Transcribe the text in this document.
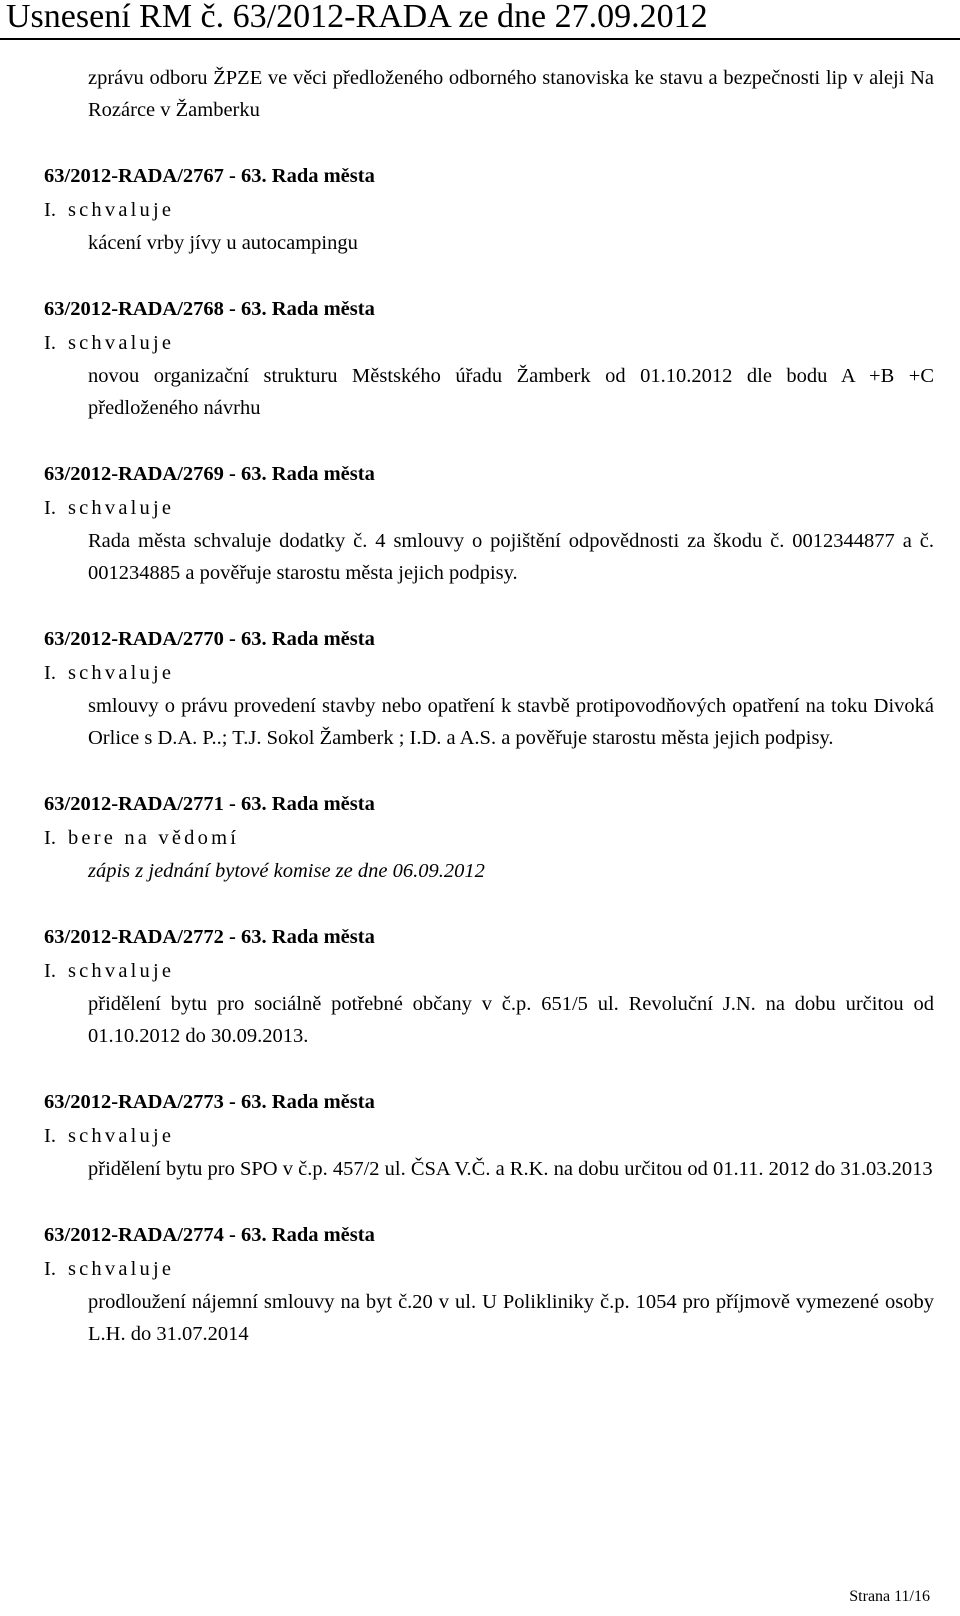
Usnesení RM č. 63/2012-RADA ze dne 27.09.2012
zprávu odboru ŽPZE ve věci předloženého odborného stanoviska ke stavu a bezpečnosti lip v aleji Na Rozárce v Žamberku
63/2012-RADA/2767 - 63. Rada města
I. schvaluje
kácení vrby jívy u autocampingu
63/2012-RADA/2768 - 63. Rada města
I. schvaluje
novou organizační strukturu Městského úřadu Žamberk od 01.10.2012 dle bodu A +B +C předloženého návrhu
63/2012-RADA/2769 - 63. Rada města
I. schvaluje
Rada města schvaluje dodatky č. 4 smlouvy o pojištění odpovědnosti za škodu č. 0012344877 a č. 001234885 a pověřuje starostu města jejich podpisy.
63/2012-RADA/2770 - 63. Rada města
I. schvaluje
smlouvy o právu provedení stavby nebo opatření k stavbě protipovodňových opatření na toku Divoká Orlice s D.A. P..; T.J. Sokol Žamberk ; I.D. a A.S. a pověřuje starostu města jejich podpisy.
63/2012-RADA/2771 - 63. Rada města
I. bere na vědomí
zápis z jednání bytové komise ze dne 06.09.2012
63/2012-RADA/2772 - 63. Rada města
I. schvaluje
přidělení bytu pro sociálně potřebné občany v č.p. 651/5 ul. Revoluční J.N. na dobu určitou od 01.10.2012 do 30.09.2013.
63/2012-RADA/2773 - 63. Rada města
I. schvaluje
přidělení bytu pro SPO v č.p. 457/2 ul. ČSA V.Č. a R.K. na dobu určitou od 01.11. 2012 do 31.03.2013
63/2012-RADA/2774 - 63. Rada města
I. schvaluje
prodloužení nájemní smlouvy na byt č.20 v ul. U Polikliniky č.p. 1054 pro příjmově vymezené osoby L.H. do 31.07.2014
Strana 11/16
